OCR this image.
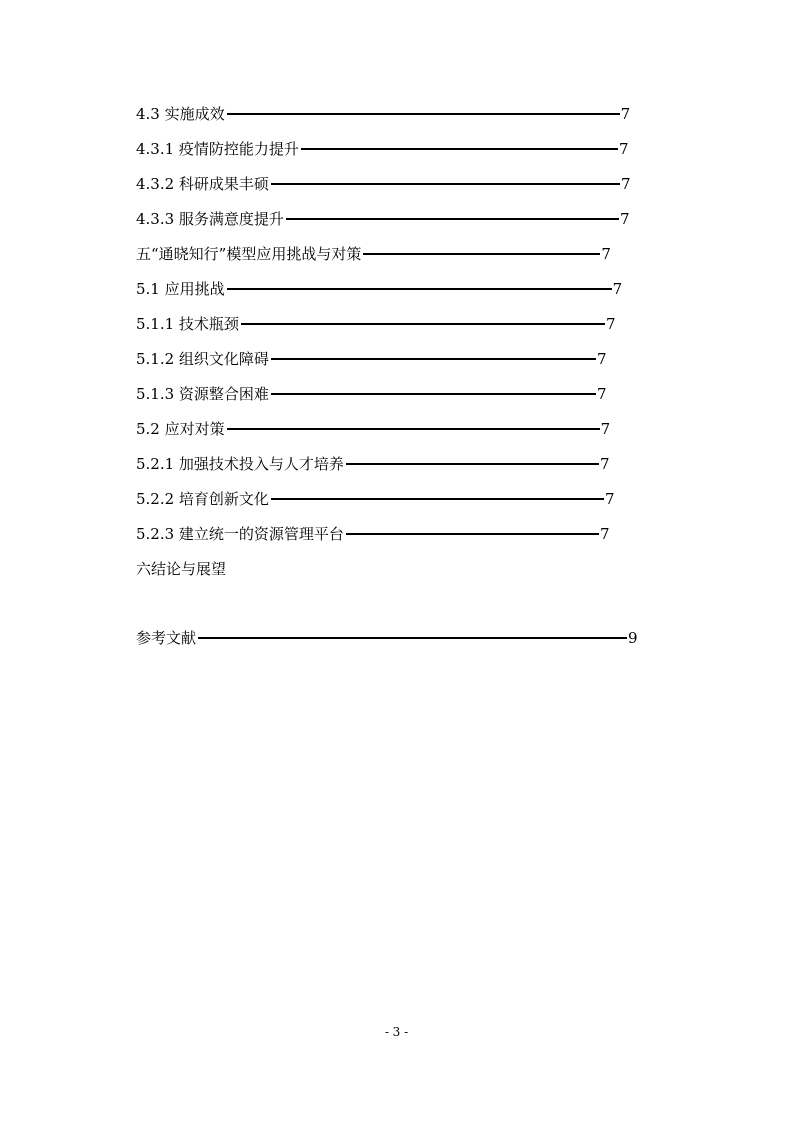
4.3 实施成效	7
4.3.1 疫情防控能力提升	7
4.3.2 科研成果丰硕	7
4.3.3 服务满意度提升	7
五“通晓知行”模型应用挑战与对策	7
5.1 应用挑战	7
5.1.1 技术瓶颈	7
5.1.2 组织文化障碍	7
5.1.3 资源整合困难	7
5.2 应对对策	7
5.2.1 加强技术投入与人才培养	7
5.2.2 培育创新文化	7
5.2.3 建立统一的资源管理平台	7
六结论与展望
参考文献	9
- 3 -
